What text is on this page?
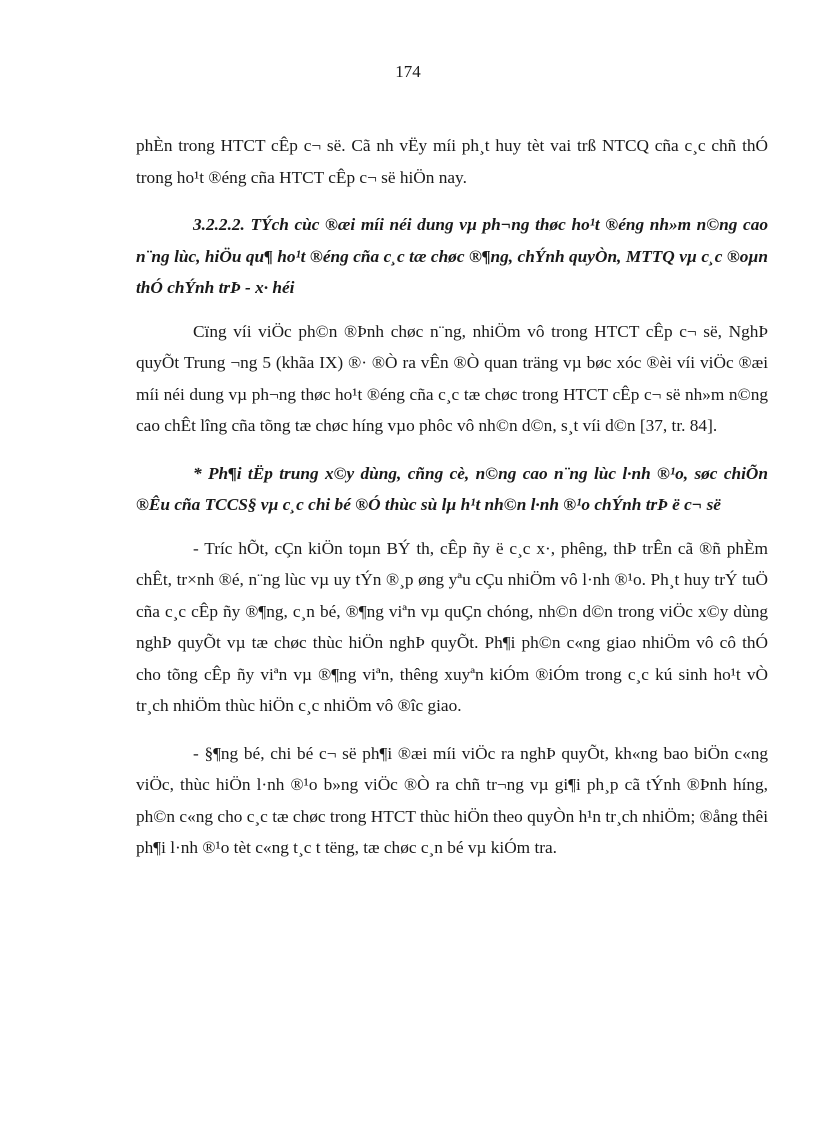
174

phÈn trong HTCT cÊp c¬ së. Cã nh vËy míi ph¸t huy tèt vai trß NTCQ cña c¸c chñ thÓ trong ho¹t ®éng cña HTCT cÊp c¬ së hiÖn nay.

3.2.2.2. TÝch cùc ®æi míi néi dung vµ ph¬ng thøc ho¹t ®éng nh»m n©ng cao n¨ng lùc, hiÖu qu¶ ho¹t ®éng cña c¸c tæ chøc ®¶ng, chÝnh quyÒn, MTTQ vµ c¸c ®oµn thÓ chÝnh trÞ - x· héi

Cïng víi viÖc ph©n ®Þnh chøc n¨ng, nhiÖm vô trong HTCT cÊp c¬ së, NghÞ quyÕt Trung ¬ng 5 (khãa IX) ®· ®Ò ra vÊn ®Ò quan träng vµ bøc xóc ®èi víi viÖc ®æi míi néi dung vµ ph¬ng thøc ho¹t ®éng cña c¸c tæ chøc trong HTCT cÊp c¬ së nh»m n©ng cao chÊt lîng cña tõng tæ chøc híng vµo phôc vô nh©n d©n, s¸t víi d©n [37, tr. 84].

* Ph¶i tËp trung x©y dùng, cñng cè, n©ng cao n¨ng lùc l·nh ®¹o, søc chiÕn ®Êu cña TCCS§ vµ c¸c chi bé ®Ó thùc sù lµ h¹t nh©n l·nh ®¹o chÝnh trÞ ë c¬ së

- Tríc hÕt, cÇn kiÖn toµn BÝ th, cÊp ñy ë c¸c x·, phêng, thÞ trÊn cã ®ñ phÈm chÊt, tr×nh ®é, n¨ng lùc vµ uy tÝn ®¸p øng yªu cÇu nhiÖm vô l·nh ®¹o. Ph¸t huy trÝ tuÖ cña c¸c cÊp ñy ®¶ng, c¸n bé, ®¶ng viªn vµ quÇn chóng, nh©n d©n trong viÖc x©y dùng nghÞ quyÕt vµ tæ chøc thùc hiÖn nghÞ quyÕt. Ph¶i ph©n c«ng giao nhiÖm vô cô thÓ cho tõng cÊp ñy viªn vµ ®¶ng viªn, thêng xuyªn kiÓm ®iÓm trong c¸c kú sinh ho¹t vÒ tr¸ch nhiÖm thùc hiÖn c¸c nhiÖm vô ®îc giao.

- §¶ng bé, chi bé c¬ së ph¶i ®æi míi viÖc ra nghÞ quyÕt, kh«ng bao biÖn c«ng viÖc, thùc hiÖn l·nh ®¹o b»ng viÖc ®Ò ra chñ tr¬ng vµ gi¶i ph¸p cã tÝnh ®Þnh híng, ph©n c«ng cho c¸c tæ chøc trong HTCT thùc hiÖn theo quyÒn h¹n tr¸ch nhiÖm; ®ång thêi ph¶i l·nh ®¹o tèt c«ng t¸c t tëng, tæ chøc c¸n bé vµ kiÓm tra.
